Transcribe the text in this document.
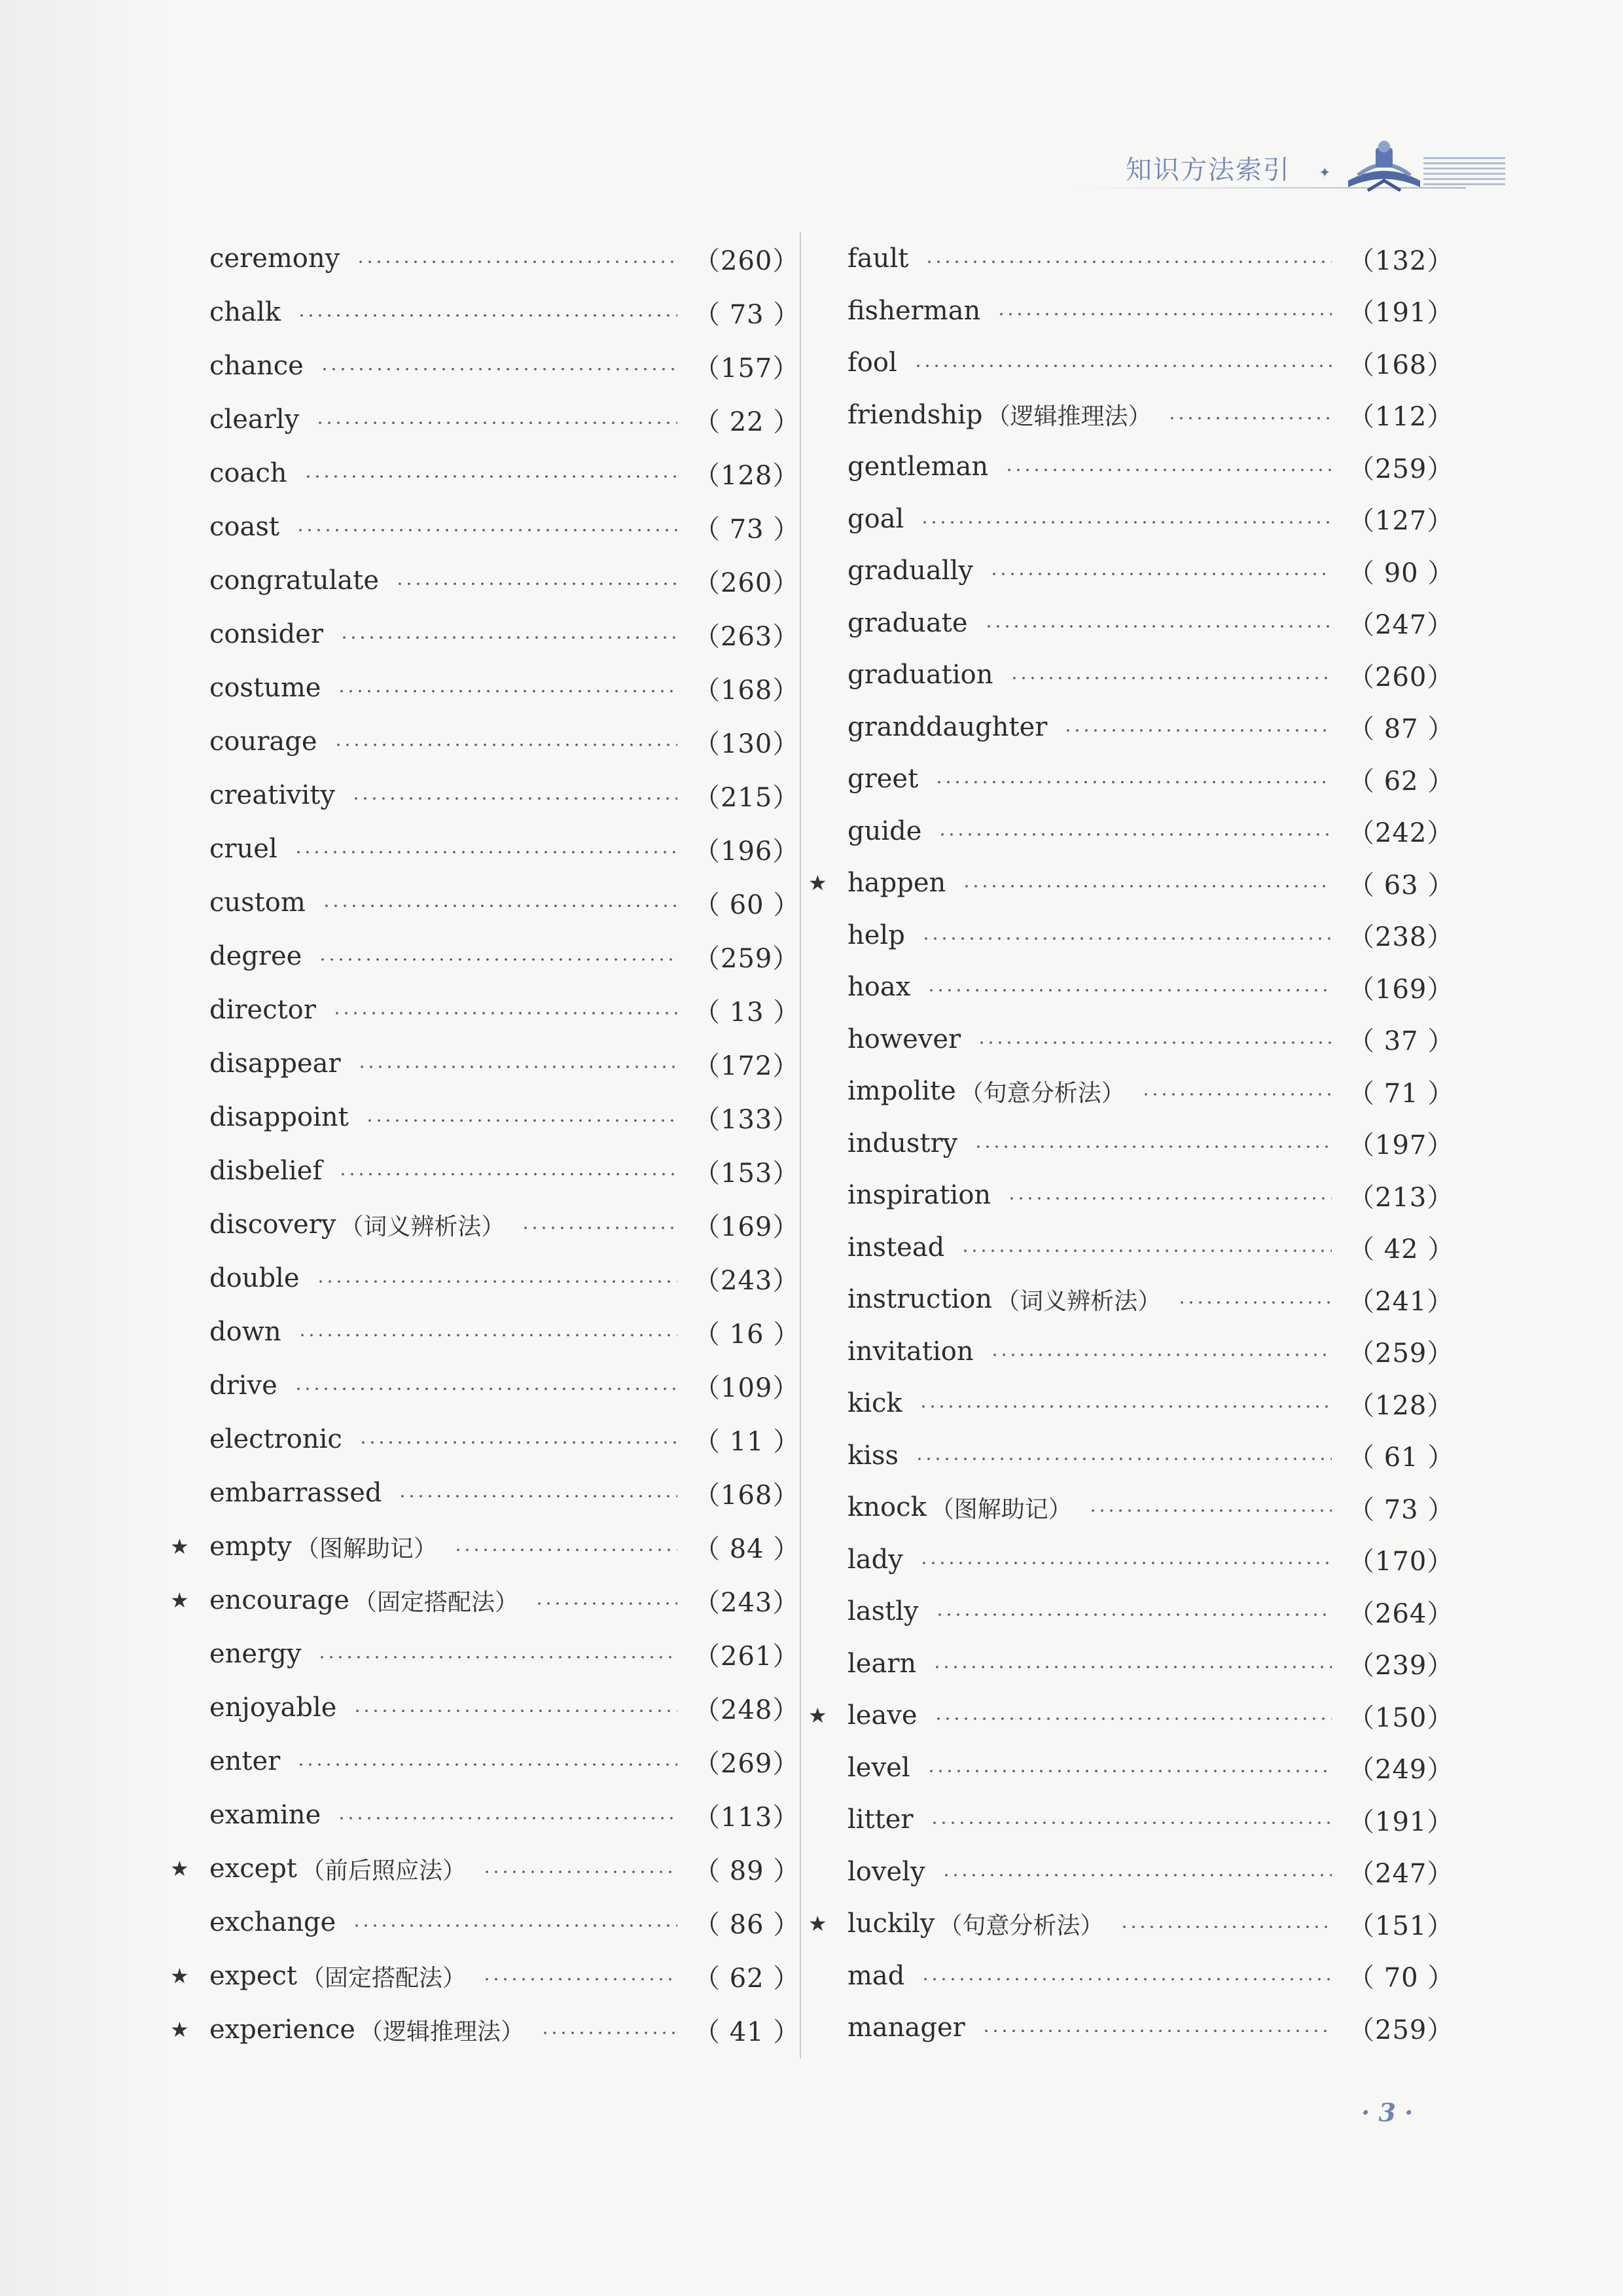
知识方法索引 ✦
ceremony	（260）
chalk	（ 73 ）
chance	（157）
clearly	（ 22 ）
coach	（128）
coast	（ 73 ）
congratulate	（260）
consider	（263）
costume	（168）
courage	（130）
creativity	（215）
cruel	（196）
custom	（ 60 ）
degree	（259）
director	（ 13 ）
disappear	（172）
disappoint	（133）
disbelief	（153）
discovery （词义辨析法）	（169）
double	（243）
down	（ 16 ）
drive	（109）
electronic	（ 11 ）
embarrassed	（168）
★ empty （图解助记）	（ 84 ）
★ encourage （固定搭配法）	（243）
energy	（261）
enjoyable	（248）
enter	（269）
examine	（113）
★ except （前后照应法）	（ 89 ）
exchange	（ 86 ）
★ expect （固定搭配法）	（ 62 ）
★ experience （逻辑推理法）	（ 41 ）
fault	（132）
fisherman	（191）
fool	（168）
friendship （逻辑推理法）	（112）
gentleman	（259）
goal	（127）
gradually	（ 90 ）
graduate	（247）
graduation	（260）
granddaughter	（ 87 ）
greet	（ 62 ）
guide	（242）
★ happen	（ 63 ）
help	（238）
hoax	（169）
however	（ 37 ）
impolite （句意分析法）	（ 71 ）
industry	（197）
inspiration	（213）
instead	（ 42 ）
instruction （词义辨析法）	（241）
invitation	（259）
kick	（128）
kiss	（ 61 ）
knock （图解助记）	（ 73 ）
lady	（170）
lastly	（264）
learn	（239）
★ leave	（150）
level	（249）
litter	（191）
lovely	（247）
★ luckily （句意分析法）	（151）
mad	（ 70 ）
manager	（259）
· 3 ·
